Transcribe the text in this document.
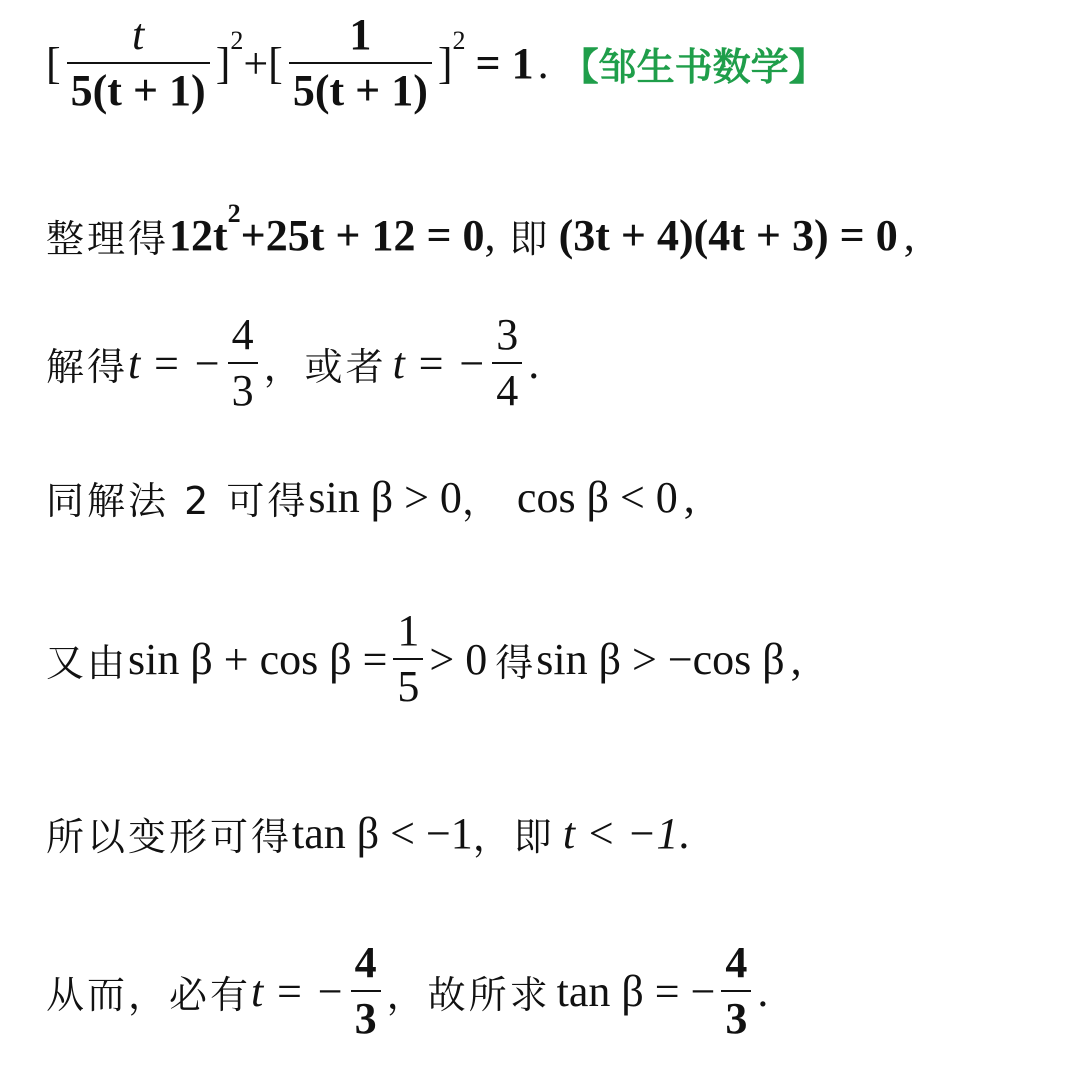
[ $\frac{t}{5(t + 1)}$ ] 2 + [ $\frac{1}{5(t + 1)}$ ] 2 = 1 . 【邹生书数学】
整理得 12t 2 +25t + 12 = 0 , 即 (3t + 4)(4t + 3) = 0 ,
解得 t = − $\frac{4}{3}$ ，或者 t = − $\frac{3}{4}$ .
同解法 2 可得 sin β > 0 ， cos β < 0 ,
又由 $\sin \beta + \cos \beta = \frac{1}{5} > 0$ 得 sin β > −cos β ,
所以变形可得 tan β < −1 ，即 t < −1 .
从而，必有 t = − $\frac{4}{3}$ ，故所求 tan β = − $\frac{4}{3}$ .
